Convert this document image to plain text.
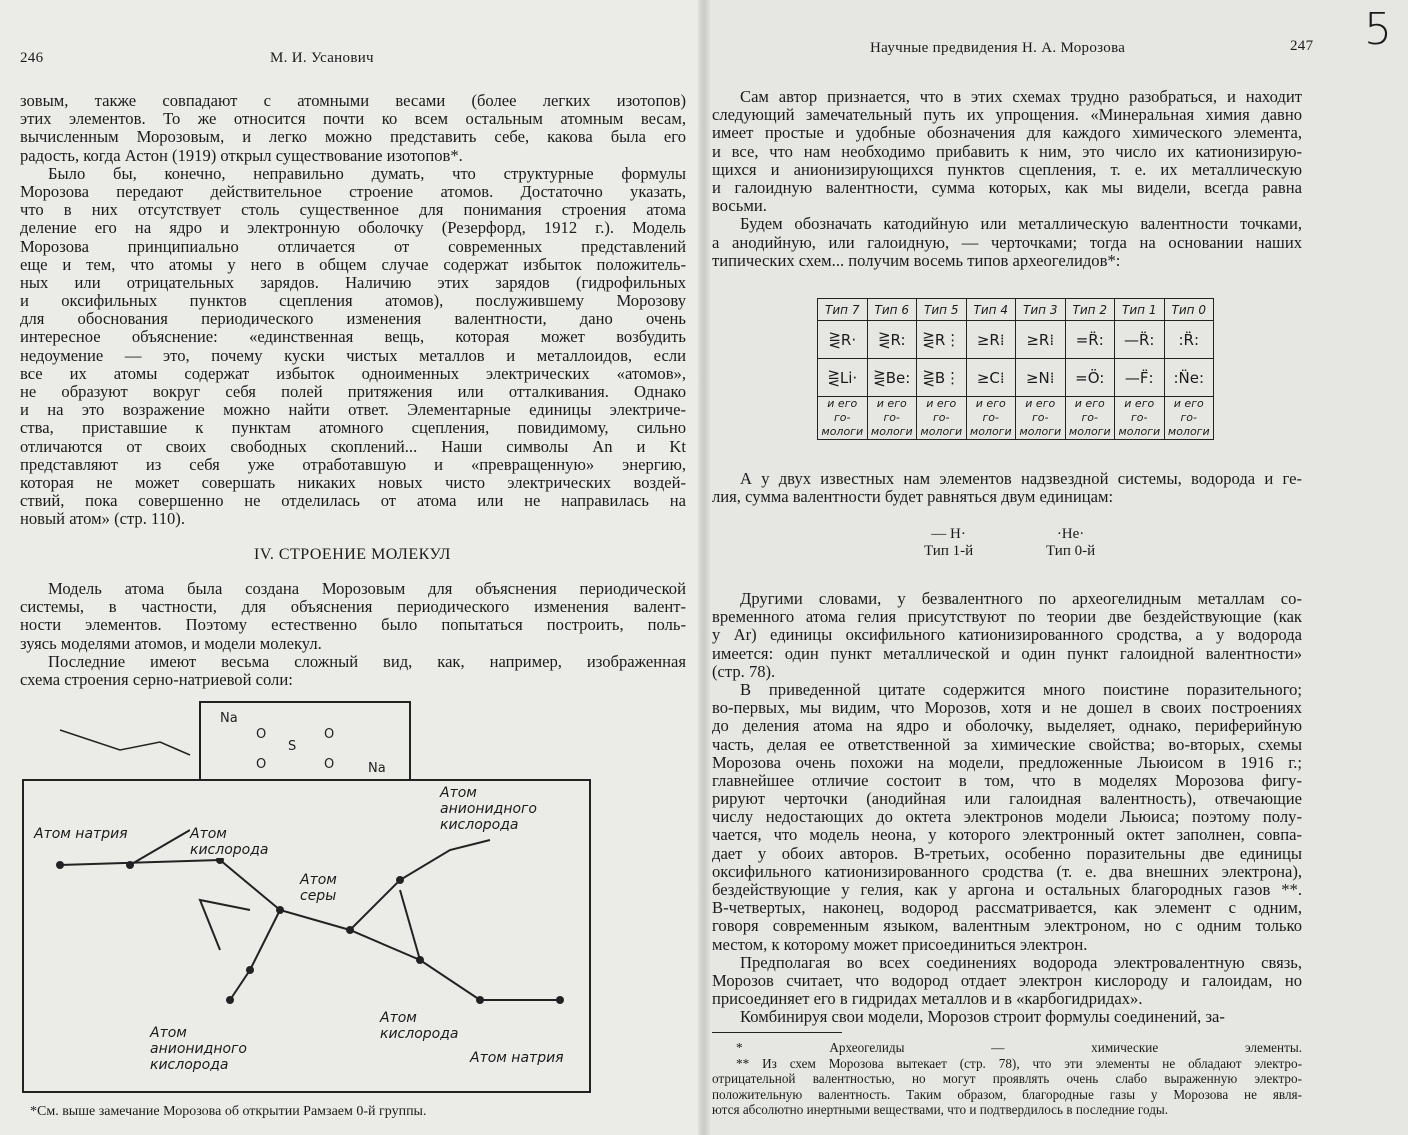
246	М. И. Усанович
зовым, также совпадают с атомными весами (более легких изотопов)
этих элементов. То же относится почти ко всем остальным атомным весам,
вычисленным Морозовым, и легко можно представить себе, какова была его
радость, когда Астон (1919) открыл существование изотопов*.
Было бы, конечно, неправильно думать, что структурные формулы
Морозова передают действительное строение атомов. Достаточно указать,
что в них отсутствует столь существенное для понимания строения атома
деление его на ядро и электронную оболочку (Резерфорд, 1912 г.). Модель
Морозова принципиально отличается от современных представлений
еще и тем, что атомы у него в общем случае содержат избыток положитель-
ных или отрицательных зарядов. Наличию этих зарядов (гидрофильных
и оксифильных пунктов сцепления атомов), послужившему Морозову
для обоснования периодического изменения валентности, дано очень
интересное объяснение: «единственная вещь, которая может возбудить
недоумение — это, почему куски чистых металлов и металлоидов, если
все их атомы содержат избыток одноименных электрических «атомов»,
не образуют вокруг себя полей притяжения или отталкивания. Однако
и на это возражение можно найти ответ. Элементарные единицы электриче-
ства, приставшие к пунктам атомного сцепления, повидимому, сильно
отличаются от своих свободных скоплений... Наши символы An и Kt
представляют из себя уже отработавшую и «превращенную» энергию,
которая не может совершать никаких новых чисто электрических воздей-
ствий, пока совершенно не отделилась от атома или не направилась на
новый атом» (стр. 110).
IV. СТРОЕНИЕ МОЛЕКУЛ
Модель атома была создана Морозовым для объяснения периодической
системы, в частности, для объяснения периодического изменения валент-
ности элементов. Поэтому естественно было попытаться построить, поль-
зуясь моделями атомов, и модели молекул.
Последние имеют весьма сложный вид, как, например, изображенная
схема строения серно-натриевой соли:
Na
O
S
O
O	O	Na
Атом натрия	Атом кислорода
Атом анионидного кислорода
Атом серы
Атом кислорода
Атом натрия
Атом анионидного кислорода
*См. выше замечание Морозова об открытии Рамзаем 0-й группы.
Научные предвидения Н. А. Морозова	247 5
Сам автор признается, что в этих схемах трудно разобраться, и находит
следующий замечательный путь их упрощения. «Минеральная химия давно
имеет простые и удобные обозначения для каждого химического элемента,
и все, что нам необходимо прибавить к ним, это число их катионизирую-
щихся и анионизирующихся пунктов сцепления, т. е. их металлическую
и галоидную валентности, сумма которых, как мы видели, всегда равна
восьми.
Будем обозначать катодийную или металлическую валентности точками,
а анодийную, или галоидную, — черточками; тогда на основании наших
типических схем... получим восемь типов археогелидов*:
Тип 7	Тип 6	Тип 5	Тип 4	Тип 3	Тип 2	Тип 1	Тип 0
⋛R·	⋛R:	⋛R⋮	≥R⁞	≥R⁞	=R̈:	—R̈:	:R̈:
⋛Li·	⋛Be:	⋛B⋮	≥C⁞	≥N⁞	=Ö:	—F̈:	:N̈e:
и его го-мологи	и его го-мологи	и его го-мологи	и его го-мологи	и его го-мологи	и его го-мологи	и его го-мологи	и его го-мологи
А у двух известных нам элементов надзвездной системы, водорода и ге-
лия, сумма валентности будет равняться двум единицам:
— H·
Тип 1-й
·He·
Тип 0-й
Другими словами, у безвалентного по археогелидным металлам со-
временного атома гелия присутствуют по теории две бездействующие (как
у Ar) единицы оксифильного катионизированного сродства, а у водорода
имеется: один пункт металлической и один пункт галоидной валентности»
(стр. 78).
В приведенной цитате содержится много поистине поразительного;
во-первых, мы видим, что Морозов, хотя и не дошел в своих построениях
до деления атома на ядро и оболочку, выделяет, однако, периферийную
часть, делая ее ответственной за химические свойства; во-вторых, схемы
Морозова очень похожи на модели, предложенные Льюисом в 1916 г.;
главнейшее отличие состоит в том, что в моделях Морозова фигу-
рируют черточки (анодийная или галоидная валентность), отвечающие
числу недостающих до октета электронов модели Льюиса; поэтому полу-
чается, что модель неона, у которого электронный октет заполнен, совпа-
дает у обоих авторов. В-третьих, особенно поразительны две единицы
оксифильного катионизированного сродства (т. е. два внешних электрона),
бездействующие у гелия, как у аргона и остальных благородных газов **.
В-четвертых, наконец, водород рассматривается, как элемент с одним,
говоря современным языком, валентным электроном, но с одним только
местом, к которому может присоединиться электрон.
Предполагая во всех соединениях водорода электровалентную связь,
Морозов считает, что водород отдает электрон кислороду и галоидам, но
присоединяет его в гидридах металлов и в «карбогидридах».
Комбинируя свои модели, Морозов строит формулы соединений, за-
* Археогелиды — химические элементы.
** Из схем Морозова вытекает (стр. 78), что эти элементы не обладают электро-
отрицательной валентностью, но могут проявлять очень слабо выраженную электро-
положительную валентность. Таким образом, благородные газы у Морозова не явля-
ются абсолютно инертными веществами, что и подтвердилось в последние годы.
